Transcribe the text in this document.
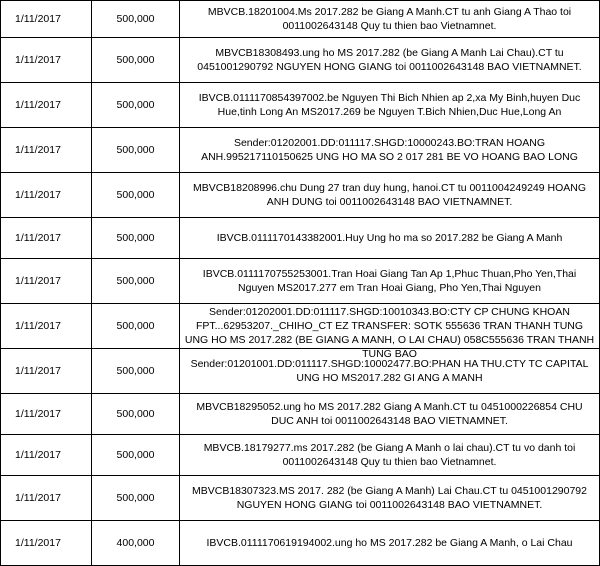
1/11/2017	500,000	MBVCB.18201004.Ms 2017.282 be Giang A Manh.CT tu anh Giang A Thao toi 0011002643148 Quy tu thien bao Vietnamnet.

1/11/2017	500,000	MBVCB18308493.ung ho MS 2017.282 (be Giang A Manh Lai Chau).CT tu 0451001290792 NGUYEN HONG GIANG toi 0011002643148 BAO VIETNAMNET.

1/11/2017	500,000	IBVCB.0111170854397002.be Nguyen Thi Bich Nhien ap 2,xa My Binh,huyen Duc Hue,tinh Long An MS2017.269 be Nguyen T.Bich Nhien,Duc Hue,Long An

1/11/2017	500,000	Sender:01202001.DD:011117.SHGD:10000243.BO:TRAN HOANG ANH.995217110150625 UNG HO MA SO 2 017 281 BE VO HOANG BAO LONG

1/11/2017	500,000	MBVCB18208996.chu Dung 27 tran duy hung, hanoi.CT tu 0011004249249 HOANG ANH DUNG toi 0011002643148 BAO VIETNAMNET.

1/11/2017	500,000	IBVCB.0111170143382001.Huy Ung ho ma so 2017.282 be Giang A Manh

1/11/2017	500,000	IBVCB.0111170755253001.Tran Hoai Giang Tan Ap 1,Phuc Thuan,Pho Yen,Thai Nguyen MS2017.277 em Tran Hoai Giang, Pho Yen,Thai Nguyen

1/11/2017	500,000	Sender:01202001.DD:011117.SHGD:10010343.BO:CTY CP CHUNG KHOAN FPT...62953207._CHIHO_CT EZ TRANSFER: SOTK 555636 TRAN THANH TUNG UNG HO MS 2017.282 (BE GIANG A MANH, O LAI CHAU) 058C555636 TRAN THANH TUNG BAO

1/11/2017	500,000	Sender:01201001.DD:011117.SHGD:10002477.BO:PHAN HA THU.CTY TC CAPITAL UNG HO MS2017.282 GI ANG A MANH

1/11/2017	500,000	MBVCB18295052.ung ho MS 2017.282 Giang A Manh.CT tu 0451000226854 CHU DUC ANH toi 0011002643148 BAO VIETNAMNET.

1/11/2017	500,000	MBVCB.18179277.ms 2017.282 (be Giang A Manh o lai chau).CT tu vo danh toi 0011002643148 Quy tu thien bao Vietnamnet.

1/11/2017	500,000	MBVCB18307323.MS 2017. 282 (be Giang A Manh) Lai Chau.CT tu 0451001290792 NGUYEN HONG GIANG toi 0011002643148 BAO VIETNAMNET.

1/11/2017	400,000	IBVCB.0111170619194002.ung ho MS 2017.282 be Giang A Manh, o Lai Chau
